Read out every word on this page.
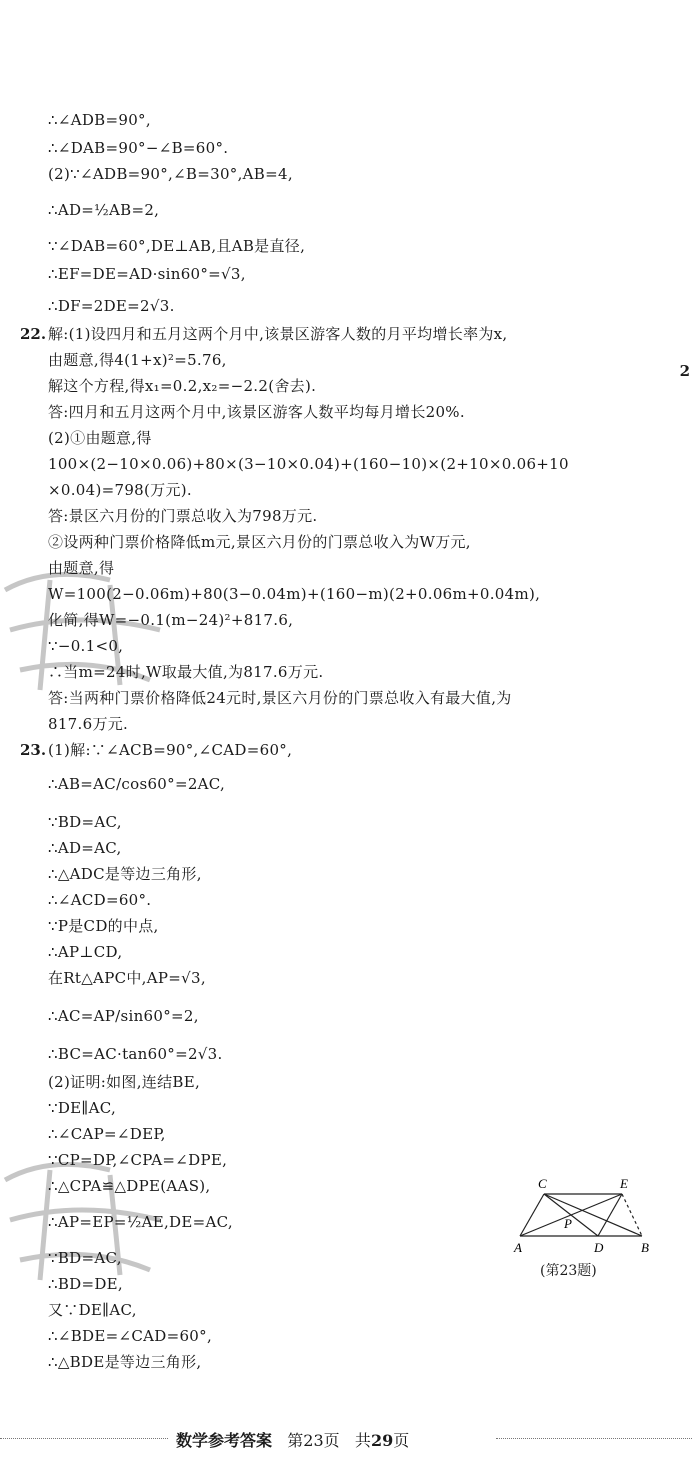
∴∠ADB=90°,
∴∠DAB=90°−∠B=60°.
(2)∵∠ADB=90°,∠B=30°,AB=4,
∴AD=½AB=2,
∵∠DAB=60°,DE⊥AB,且AB是直径,
∴EF=DE=AD·sin60°=√3,
∴DF=2DE=2√3.
解:(1)设四月和五月这两个月中,该景区游客人数的月平均增长率为x,
由题意,得4(1+x)²=5.76,
解这个方程,得x₁=0.2,x₂=−2.2(舍去).
答:四月和五月这两个月中,该景区游客人数平均每月增长20%.
(2)①由题意,得
100×(2−10×0.06)+80×(3−10×0.04)+(160−10)×(2+10×0.06+10
×0.04)=798(万元).
答:景区六月份的门票总收入为798万元.
②设两种门票价格降低m元,景区六月份的门票总收入为W万元,
由题意,得
W=100(2−0.06m)+80(3−0.04m)+(160−m)(2+0.06m+0.04m),
化简,得W=−0.1(m−24)²+817.6,
∵−0.1<0,
∴当m=24时,W取最大值,为817.6万元.
答:当两种门票价格降低24元时,景区六月份的门票总收入有最大值,为
817.6万元.
(1)解:∵∠ACB=90°,∠CAD=60°,
∴AB=AC/cos60°=2AC,
∵BD=AC,
∴AD=AC,
∴△ADC是等边三角形,
∴∠ACD=60°.
∵P是CD的中点,
∴AP⊥CD,
在Rt△APC中,AP=√3,
∴AC=AP/sin60°=2,
∴BC=AC·tan60°=2√3.
(2)证明:如图,连结BE,
∵DE∥AC,
∴∠CAP=∠DEP,
∵CP=DP,∠CPA=∠DPE,
∴△CPA≌△DPE(AAS),
∴AP=EP=½AE,DE=AC,
∵BD=AC,
∴BD=DE,
又∵DE∥AC,
∴∠BDE=∠CAD=60°,
∴△BDE是等边三角形,
22.
23.
2
C	E
A	D	B
P
(第23题)
数学参考答案 第23页 共29页
